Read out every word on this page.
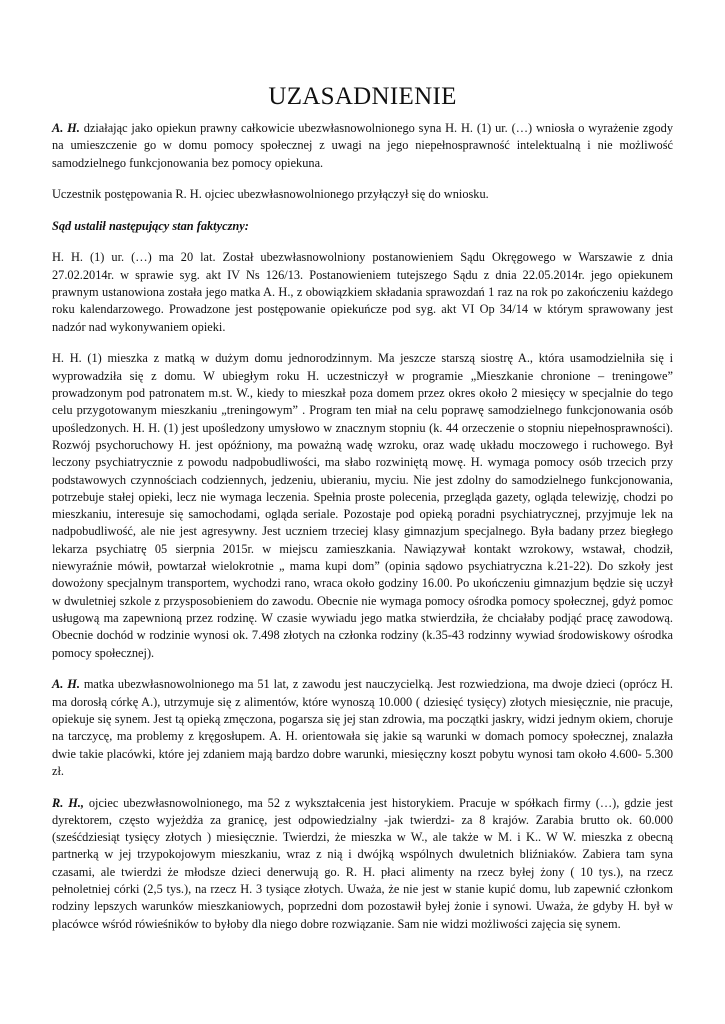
UZASADNIENIE

A. H. działając jako opiekun prawny całkowicie ubezwłasnowolnionego syna H. H. (1) ur. (…) wniosła o wyrażenie zgody na umieszczenie go w domu pomocy społecznej z uwagi na jego niepełnosprawność intelektualną i nie możliwość samodzielnego funkcjonowania bez pomocy opiekuna.

Uczestnik postępowania R. H. ojciec ubezwłasnowolnionego przyłączył się do wniosku.

Sąd ustalił następujący stan faktyczny:

H. H. (1) ur. (…) ma 20 lat. Został ubezwłasnowolniony postanowieniem Sądu Okręgowego w Warszawie z dnia 27.02.2014r. w sprawie syg. akt IV Ns 126/13. Postanowieniem tutejszego Sądu z dnia 22.05.2014r. jego opiekunem prawnym ustanowiona została jego matka A. H., z obowiązkiem składania sprawozdań 1 raz na rok po zakończeniu każdego roku kalendarzowego. Prowadzone jest postępowanie opiekuńcze pod syg. akt VI Op 34/14 w którym sprawowany jest nadzór nad wykonywaniem opieki.

H. H. (1) mieszka z matką w dużym domu jednorodzinnym. Ma jeszcze starszą siostrę A., która usamodzielniła się i wyprowadziła się z domu. W ubiegłym roku H. uczestniczył w programie „Mieszkanie chronione – treningowe” prowadzonym pod patronatem m.st. W., kiedy to mieszkał poza domem przez okres około 2 miesięcy w specjalnie do tego celu przygotowanym mieszkaniu „treningowym” . Program ten miał na celu poprawę samodzielnego funkcjonowania osób upośledzonych. H. H. (1) jest upośledzony umysłowo w znacznym stopniu (k. 44 orzeczenie o stopniu niepełnosprawności). Rozwój psychoruchowy H. jest opóźniony, ma poważną wadę wzroku, oraz wadę układu moczowego i ruchowego. Był leczony psychiatrycznie z powodu nadpobudliwości, ma słabo rozwiniętą mowę. H. wymaga pomocy osób trzecich przy podstawowych czynnościach codziennych, jedzeniu, ubieraniu, myciu. Nie jest zdolny do samodzielnego funkcjonowania, potrzebuje stałej opieki, lecz nie wymaga leczenia. Spełnia proste polecenia, przegląda gazety, ogląda telewizję, chodzi po mieszkaniu, interesuje się samochodami, ogląda seriale. Pozostaje pod opieką poradni psychiatrycznej, przyjmuje lek na nadpobudliwość, ale nie jest agresywny. Jest uczniem trzeciej klasy gimnazjum specjalnego. Była badany przez biegłego lekarza psychiatrę 05 sierpnia 2015r. w miejscu zamieszkania. Nawiązywał kontakt wzrokowy, wstawał, chodził, niewyraźnie mówił, powtarzał wielokrotnie „ mama kupi dom” (opinia sądowo psychiatryczna k.21-22). Do szkoły jest dowożony specjalnym transportem, wychodzi rano, wraca około godziny 16.00. Po ukończeniu gimnazjum będzie się uczył w dwuletniej szkole z przysposobieniem do zawodu. Obecnie nie wymaga pomocy ośrodka pomocy społecznej, gdyż pomoc usługową ma zapewnioną przez rodzinę. W czasie wywiadu jego matka stwierdziła, że chciałaby podjąć pracę zawodową. Obecnie dochód w rodzinie wynosi ok. 7.498 złotych na członka rodziny (k.35-43 rodzinny wywiad środowiskowy ośrodka pomocy społecznej).

A. H. matka ubezwłasnowolnionego ma 51 lat, z zawodu jest nauczycielką. Jest rozwiedziona, ma dwoje dzieci (oprócz H. ma dorosłą córkę A.), utrzymuje się z alimentów, które wynoszą 10.000 ( dziesięć tysięcy) złotych miesięcznie, nie pracuje, opiekuje się synem. Jest tą opieką zmęczona, pogarsza się jej stan zdrowia, ma początki jaskry, widzi jednym okiem, choruje na tarczycę, ma problemy z kręgosłupem. A. H. orientowała się jakie są warunki w domach pomocy społecznej, znalazła dwie takie placówki, które jej zdaniem mają bardzo dobre warunki, miesięczny koszt pobytu wynosi tam około 4.600- 5.300 zł.

R. H., ojciec ubezwłasnowolnionego, ma 52 z wykształcenia jest historykiem. Pracuje w spółkach firmy (…), gdzie jest dyrektorem, często wyjeżdża za granicę, jest odpowiedzialny -jak twierdzi- za 8 krajów. Zarabia brutto ok. 60.000 (sześćdziesiąt tysięcy złotych ) miesięcznie. Twierdzi, że mieszka w W., ale także w M. i K.. W W. mieszka z obecną partnerką w jej trzypokojowym mieszkaniu, wraz z nią i dwójką wspólnych dwuletnich bliźniaków. Zabiera tam syna czasami, ale twierdzi że młodsze dzieci denerwują go. R. H. płaci alimenty na rzecz byłej żony ( 10 tys.), na rzecz pełnoletniej córki (2,5 tys.), na rzecz H. 3 tysiące złotych. Uważa, że nie jest w stanie kupić domu, lub zapewnić członkom rodziny lepszych warunków mieszkaniowych, poprzedni dom pozostawił byłej żonie i synowi. Uważa, że gdyby H. był w placówce wśród rówieśników to byłoby dla niego dobre rozwiązanie. Sam nie widzi możliwości zajęcia się synem.
